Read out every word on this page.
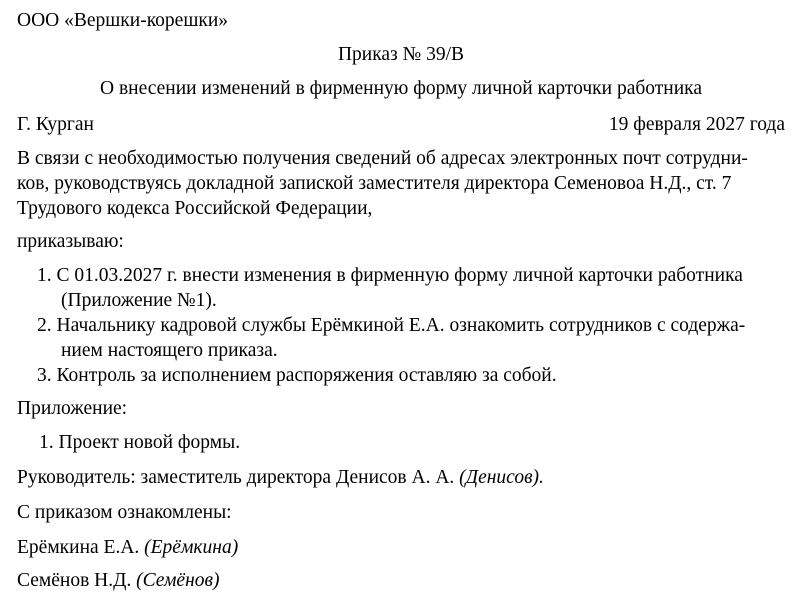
ООО «Вершки-корешки»
Приказ № 39/В
О внесении изменений в фирменную форму личной карточки работника
Г. Курган	19 февраля 2027 года
В связи с необходимостью получения сведений об адресах электронных почт сотрудни-
ков, руководствуясь докладной запиской заместителя директора Семеновоа Н.Д., ст. 7
Трудового кодекса Российской Федерации,
приказываю:
1. С 01.03.2027 г. внести изменения в фирменную форму личной карточки работника
(Приложение №1).
2. Начальнику кадровой службы Ерёмкиной Е.А. ознакомить сотрудников с содержа-
нием настоящего приказа.
3. Контроль за исполнением распоряжения оставляю за собой.
Приложение:
1. Проект новой формы.
Руководитель: заместитель директора Денисов А. А. (Денисов).
С приказом ознакомлены:
Ерёмкина Е.А. (Ерёмкина)
Семёнов Н.Д. (Семёнов)
